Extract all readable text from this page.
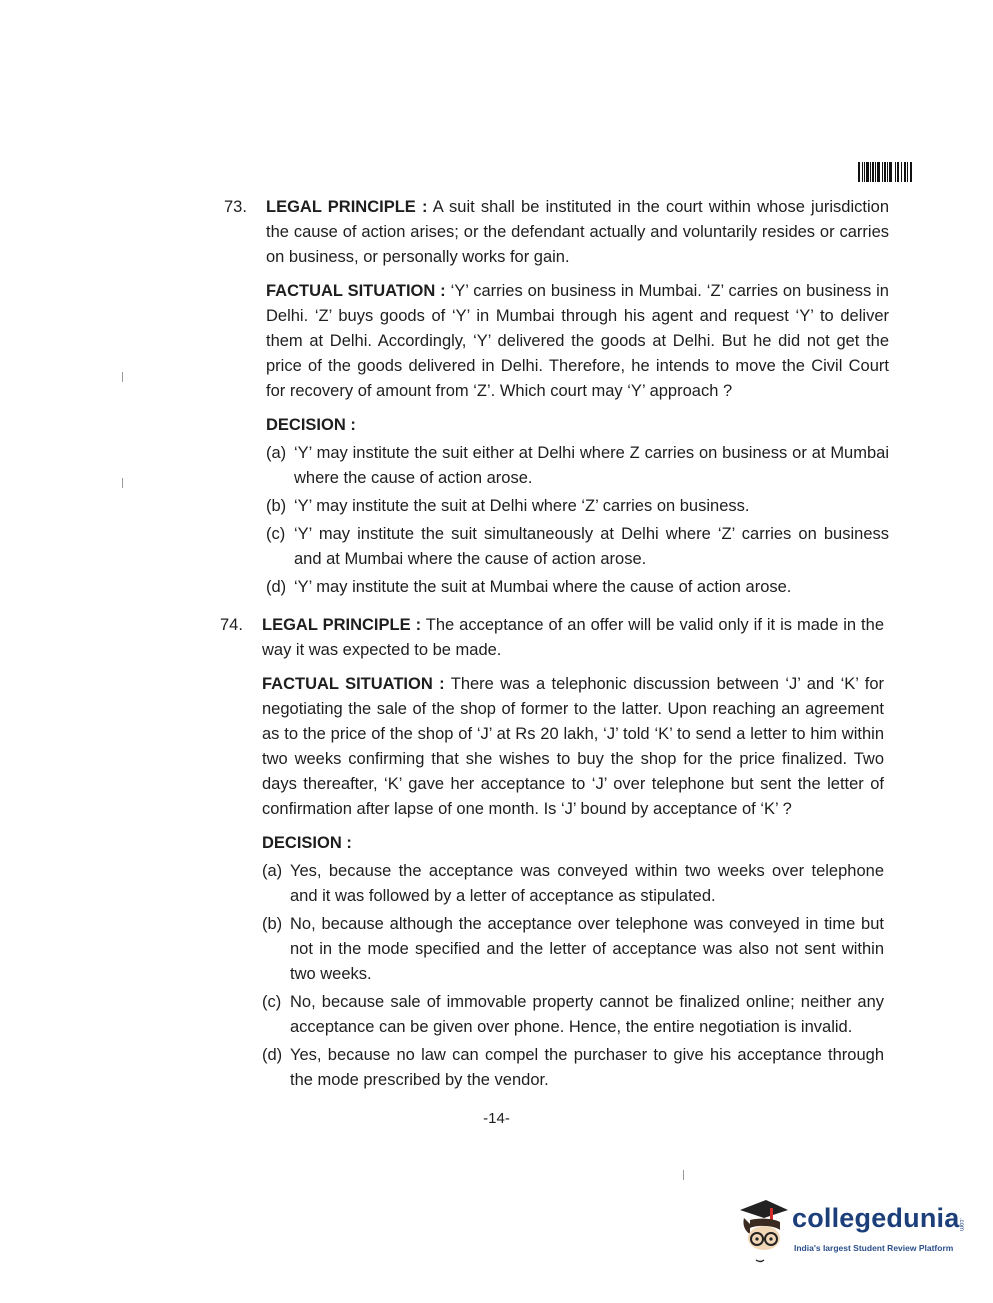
73.	LEGAL PRINCIPLE : A suit shall be instituted in the court within whose jurisdiction the cause of action arises; or the defendant actually and voluntarily resides or carries on business, or personally works for gain.
FACTUAL SITUATION : ‘Y’ carries on business in Mumbai. ‘Z’ carries on business in Delhi. ‘Z’ buys goods of ‘Y’ in Mumbai through his agent and request ‘Y’ to deliver them at Delhi. Accordingly, ‘Y’ delivered the goods at Delhi. But he did not get the price of the goods delivered in Delhi. Therefore, he intends to move the Civil Court for recovery of amount from ‘Z’. Which court may ‘Y’ approach ?
DECISION :
(a) ‘Y’ may institute the suit either at Delhi where Z carries on business or at Mumbai where the cause of action arose.
(b) ‘Y’ may institute the suit at Delhi where ‘Z’ carries on business.
(c) ‘Y’ may institute the suit simultaneously at Delhi where ‘Z’ carries on business and at Mumbai where the cause of action arose.
(d) ‘Y’ may institute the suit at Mumbai where the cause of action arose.
74.	LEGAL PRINCIPLE : The acceptance of an offer will be valid only if it is made in the way it was expected to be made.
FACTUAL SITUATION : There was a telephonic discussion between ‘J’ and ‘K’ for negotiating the sale of the shop of former to the latter. Upon reaching an agreement as to the price of the shop of ‘J’ at Rs 20 lakh, ‘J’ told ‘K’ to send a letter to him within two weeks confirming that she wishes to buy the shop for the price finalized. Two days thereafter, ‘K’ gave her acceptance to ‘J’ over telephone but sent the letter of confirmation after lapse of one month. Is ‘J’ bound by acceptance of ‘K’ ?
DECISION :
(a) Yes, because the acceptance was conveyed within two weeks over telephone and it was followed by a letter of acceptance as stipulated.
(b) No, because although the acceptance over telephone was conveyed in time but not in the mode specified and the letter of acceptance was also not sent within two weeks.
(c) No, because sale of immovable property cannot be finalized online; neither any acceptance can be given over phone. Hence, the entire negotiation is invalid.
(d) Yes, because no law can compel the purchaser to give his acceptance through the mode prescribed by the vendor.
-14-
collegedunia
.com
India's largest Student Review Platform
